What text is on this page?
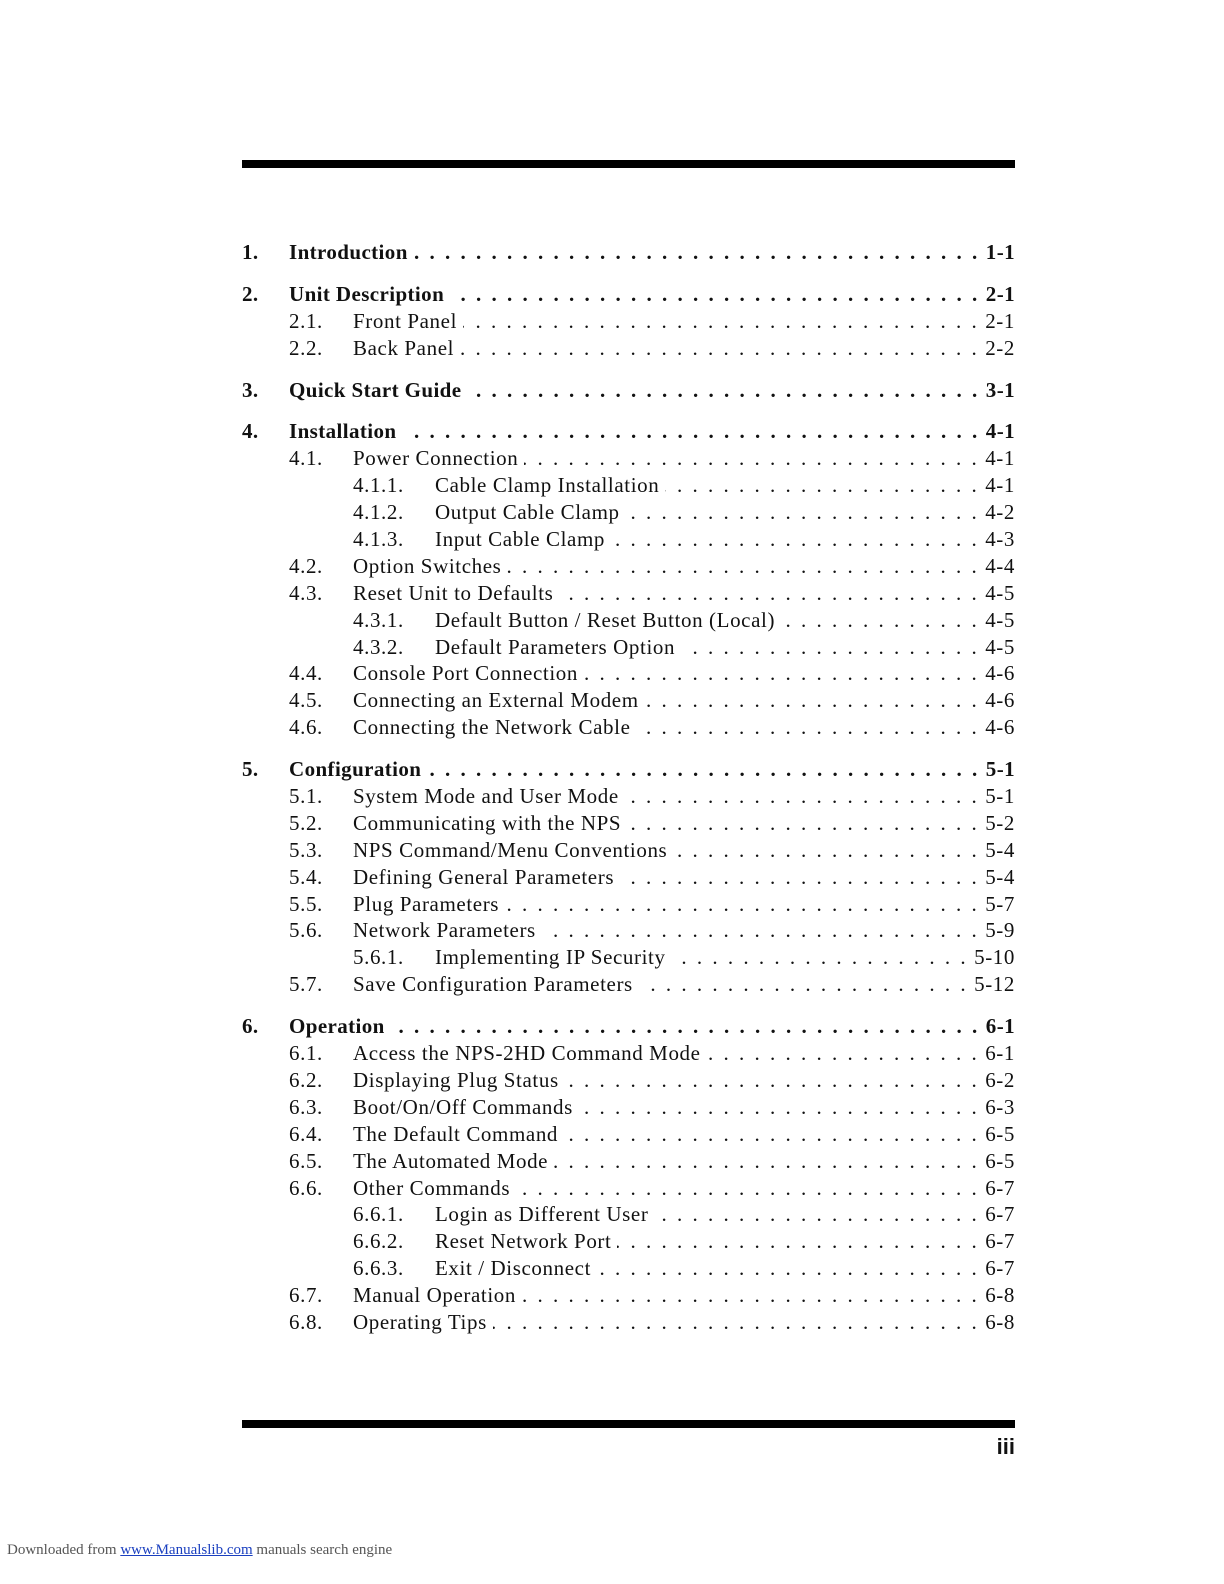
1. Introduction . . .	1-1
2. Unit Description . . .	2-1
2.1. Front Panel . . .	2-1
2.2. Back Panel . . .	2-2
3. Quick Start Guide . . .	3-1
4. Installation . . .	4-1
4.1. Power Connection . . .	4-1
4.1.1. Cable Clamp Installation . . .	4-1
4.1.2. Output Cable Clamp . . .	4-2
4.1.3. Input Cable Clamp . . .	4-3
4.2. Option Switches . . .	4-4
4.3. Reset Unit to Defaults . . .	4-5
4.3.1. Default Button / Reset Button (Local) . . .	4-5
4.3.2. Default Parameters Option . . .	4-5
4.4. Console Port Connection . . .	4-6
4.5. Connecting an External Modem . . .	4-6
4.6. Connecting the Network Cable . . .	4-6
5. Configuration . . .	5-1
5.1. System Mode and User Mode . . .	5-1
5.2. Communicating with the NPS . . .	5-2
5.3. NPS Command/Menu Conventions . . .	5-4
5.4. Defining General Parameters . . .	5-4
5.5. Plug Parameters . . .	5-7
5.6. Network Parameters . . .	5-9
5.6.1. Implementing IP Security . . .	5-10
5.7. Save Configuration Parameters . . .	5-12
6. Operation . . .	6-1
6.1. Access the NPS-2HD Command Mode . . .	6-1
6.2. Displaying Plug Status . . .	6-2
6.3. Boot/On/Off Commands . . .	6-3
6.4. The Default Command . . .	6-5
6.5. The Automated Mode . . .	6-5
6.6. Other Commands . . .	6-7
6.6.1. Login as Different User . . .	6-7
6.6.2. Reset Network Port . . .	6-7
6.6.3. Exit / Disconnect . . .	6-7
6.7. Manual Operation . . .	6-8
6.8. Operating Tips . . .	6-8
iii
Downloaded from www.Manualslib.com manuals search engine
